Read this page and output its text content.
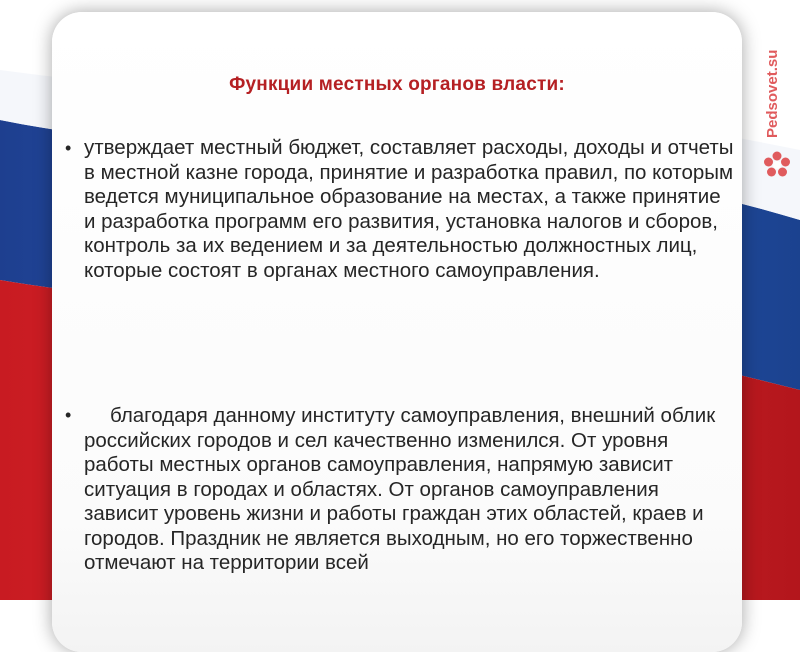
Функции местных органов власти:
• утверждает местный бюджет, составляет расходы, доходы и отчеты в местной казне города, принятие и разработка правил, по которым ведется муниципальное образование на местах, а также принятие и разработка программ его развития, установка налогов и сборов, контроль за их ведением и за деятельностью должностных лиц, которые состоят в органах местного самоуправления.
•	благодаря данному институту самоуправления, внешний облик российских городов и сел качественно изменился. От уровня работы местных органов самоуправления, напрямую зависит ситуация в городах и областях. От органов самоуправления зависит уровень жизни и работы граждан этих областей, краев и городов. Праздник не является выходным, но его торжественно отмечают на территории всей
Pedsovet.su
